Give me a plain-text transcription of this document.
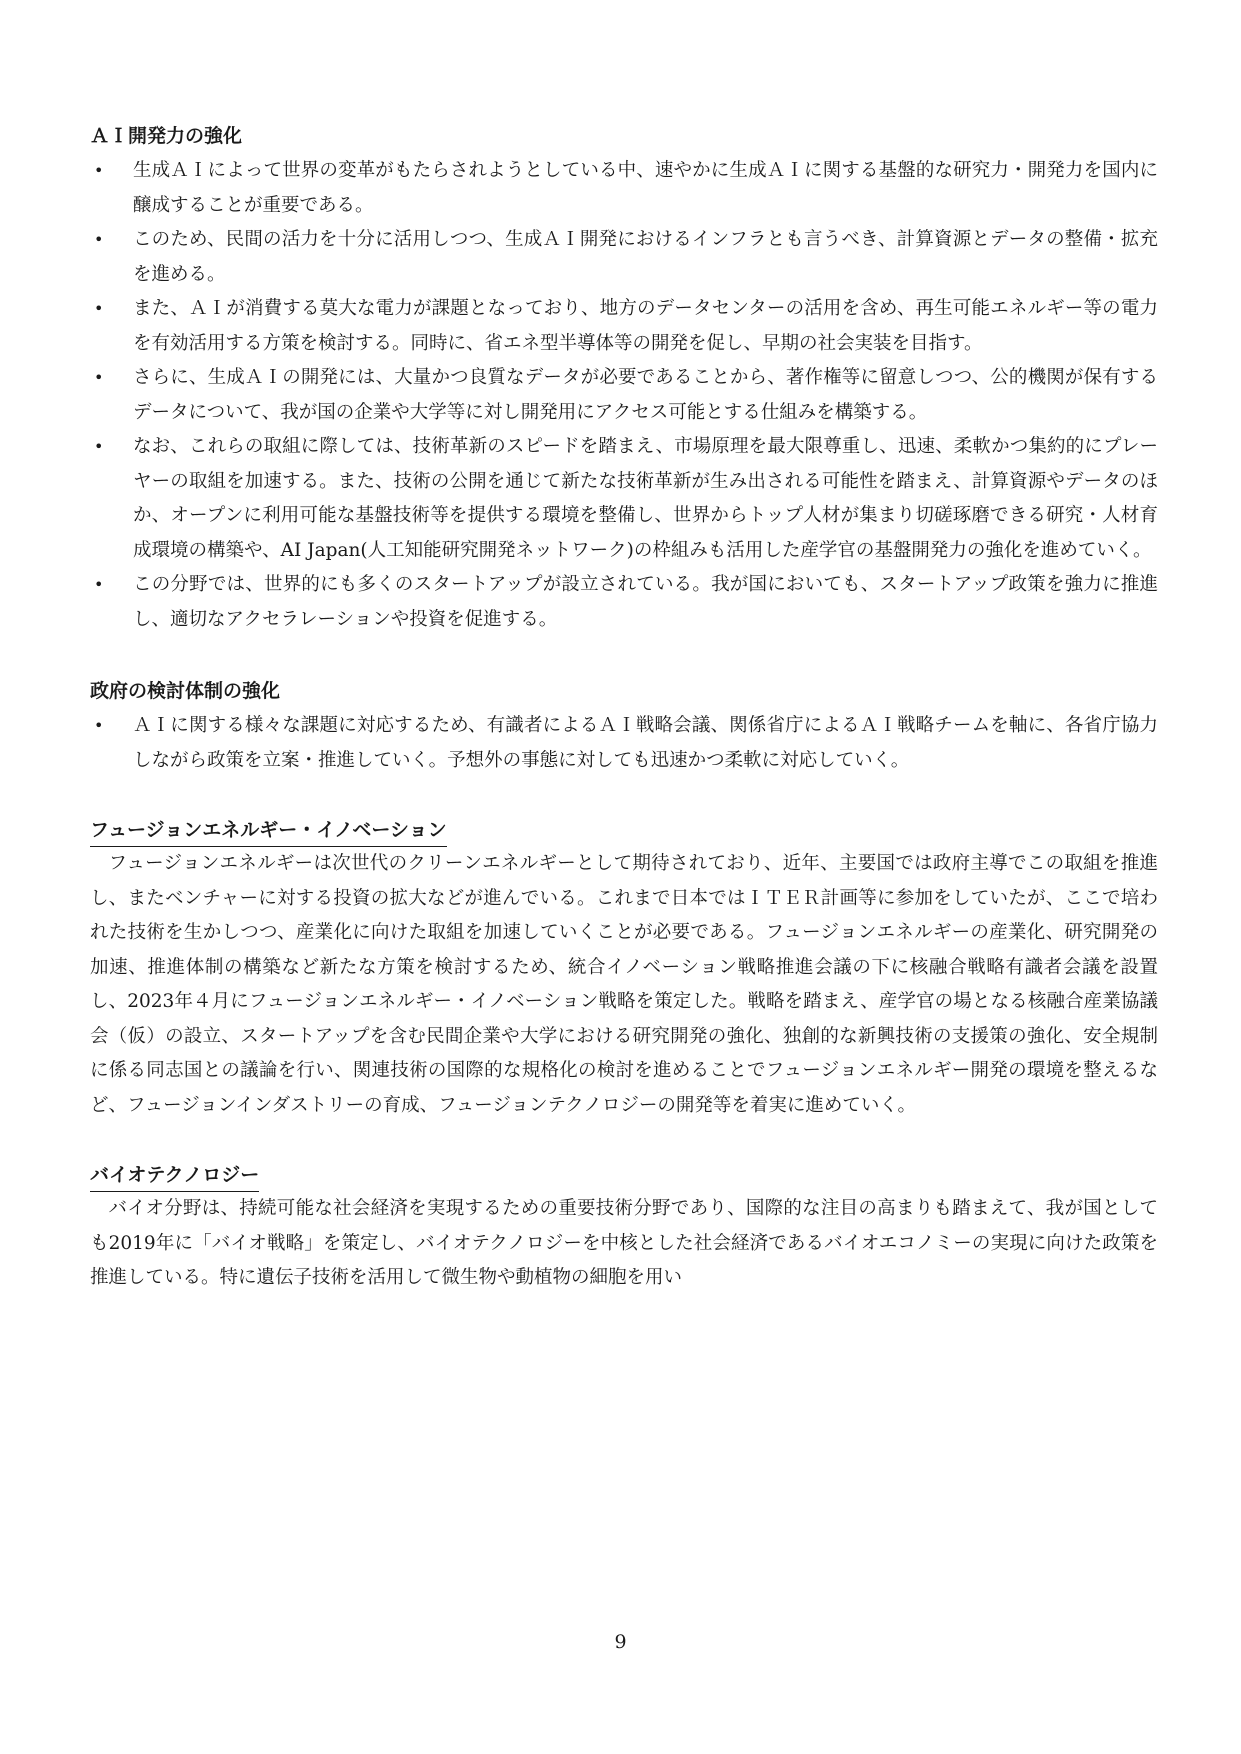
ＡＩ開発力の強化
• 生成ＡＩによって世界の変革がもたらされようとしている中、速やかに生成ＡＩに関する基盤的な研究力・開発力を国内に醸成することが重要である。
• このため、民間の活力を十分に活用しつつ、生成ＡＩ開発におけるインフラとも言うべき、計算資源とデータの整備・拡充を進める。
• また、ＡＩが消費する莫大な電力が課題となっており、地方のデータセンターの活用を含め、再生可能エネルギー等の電力を有効活用する方策を検討する。同時に、省エネ型半導体等の開発を促し、早期の社会実装を目指す。
• さらに、生成ＡＩの開発には、大量かつ良質なデータが必要であることから、著作権等に留意しつつ、公的機関が保有するデータについて、我が国の企業や大学等に対し開発用にアクセス可能とする仕組みを構築する。
• なお、これらの取組に際しては、技術革新のスピードを踏まえ、市場原理を最大限尊重し、迅速、柔軟かつ集約的にプレーヤーの取組を加速する。また、技術の公開を通じて新たな技術革新が生み出される可能性を踏まえ、計算資源やデータのほか、オープンに利用可能な基盤技術等を提供する環境を整備し、世界からトップ人材が集まり切磋琢磨できる研究・人材育成環境の構築や、AI Japan(人工知能研究開発ネットワーク)の枠組みも活用した産学官の基盤開発力の強化を進めていく。
• この分野では、世界的にも多くのスタートアップが設立されている。我が国においても、スタートアップ政策を強力に推進し、適切なアクセラレーションや投資を促進する。
政府の検討体制の強化
• ＡＩに関する様々な課題に対応するため、有識者によるＡＩ戦略会議、関係省庁によるＡＩ戦略チームを軸に、各省庁協力しながら政策を立案・推進していく。予想外の事態に対しても迅速かつ柔軟に対応していく。
フュージョンエネルギー・イノベーション

フュージョンエネルギーは次世代のクリーンエネルギーとして期待されており、近年、主要国では政府主導でこの取組を推進し、またベンチャーに対する投資の拡大などが進んでいる。これまで日本ではＩＴＥＲ計画等に参加をしていたが、ここで培われた技術を生かしつつ、産業化に向けた取組を加速していくことが必要である。フュージョンエネルギーの産業化、研究開発の加速、推進体制の構築など新たな方策を検討するため、統合イノベーション戦略推進会議の下に核融合戦略有識者会議を設置し、2023年４月にフュージョンエネルギー・イノベーション戦略を策定した。戦略を踏まえ、産学官の場となる核融合産業協議会（仮）の設立、スタートアップを含む民間企業や大学における研究開発の強化、独創的な新興技術の支援策の強化、安全規制に係る同志国との議論を行い、関連技術の国際的な規格化の検討を進めることでフュージョンエネルギー開発の環境を整えるなど、フュージョンインダストリーの育成、フュージョンテクノロジーの開発等を着実に進めていく。

バイオテクノロジー

バイオ分野は、持続可能な社会経済を実現するための重要技術分野であり、国際的な注目の高まりも踏まえて、我が国としても2019年に「バイオ戦略」を策定し、バイオテクノロジーを中核とした社会経済であるバイオエコノミーの実現に向けた政策を推進している。特に遺伝子技術を活用して微生物や動植物の細胞を用い

9
